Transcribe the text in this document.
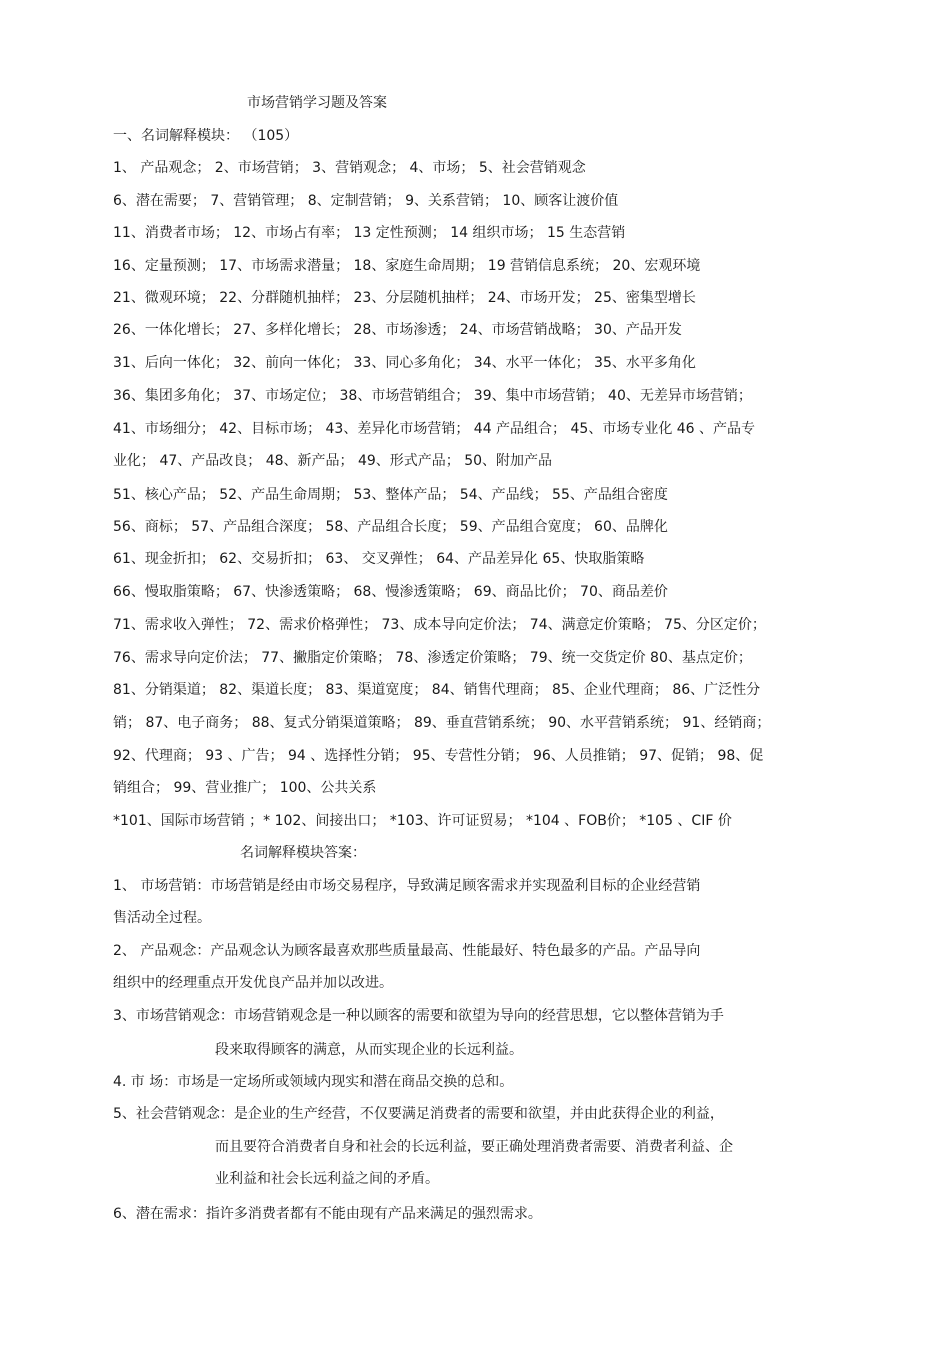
市场营销学习题及答案
一、名词解释模块： （105）
1、 产品观念； 2、市场营销； 3、营销观念； 4、市场； 5、社会营销观念
6、潜在需要； 7、营销管理； 8、定制营销； 9、关系营销； 10、顾客让渡价值
11、消费者市场； 12、市场占有率； 13 定性预测； 14 组织市场； 15 生态营销
16、定量预测； 17、市场需求潜量； 18、家庭生命周期； 19 营销信息系统； 20、宏观环境
21、微观环境； 22、分群随机抽样； 23、分层随机抽样； 24、市场开发； 25、密集型增长
26、一体化增长； 27、多样化增长； 28、市场渗透； 24、市场营销战略； 30、产品开发
31、后向一体化； 32、前向一体化； 33、同心多角化； 34、水平一体化； 35、水平多角化
36、集团多角化； 37、市场定位； 38、市场营销组合； 39、集中市场营销； 40、无差异市场营销；
41、市场细分； 42、目标市场； 43、差异化市场营销； 44 产品组合； 45、市场专业化 46 、产品专
业化； 47、产品改良； 48、新产品； 49、形式产品； 50、附加产品
51、核心产品； 52、产品生命周期； 53、整体产品； 54、产品线； 55、产品组合密度
56、商标； 57、产品组合深度； 58、产品组合长度； 59、产品组合宽度； 60、品牌化
61、现金折扣； 62、交易折扣； 63、 交叉弹性； 64、产品差异化 65、快取脂策略
66、慢取脂策略； 67、快渗透策略； 68、慢渗透策略； 69、商品比价； 70、商品差价
71、需求收入弹性； 72、需求价格弹性； 73、成本导向定价法； 74、满意定价策略； 75、分区定价；
76、需求导向定价法； 77、撇脂定价策略； 78、渗透定价策略； 79、统一交货定价 80、基点定价；
81、分销渠道； 82、渠道长度； 83、渠道宽度； 84、销售代理商； 85、企业代理商； 86、广泛性分
销； 87、电子商务； 88、复式分销渠道策略； 89、垂直营销系统； 90、水平营销系统； 91、经销商；
92、代理商； 93 、广告； 94 、选择性分销； 95、专营性分销； 96、人员推销； 97、促销； 98、促
销组合； 99、营业推广； 100、公共关系
*101、国际市场营销 ；* 102、间接出口； *103、许可证贸易； *104 、FOB价； *105 、CIF 价
名词解释模块答案：
1、 市场营销：市场营销是经由市场交易程序，导致满足顾客需求并实现盈利目标的企业经营销
售活动全过程。
2、 产品观念：产品观念认为顾客最喜欢那些质量最高、性能最好、特色最多的产品。产品导向
组织中的经理重点开发优良产品并加以改进。
3、市场营销观念：市场营销观念是一种以顾客的需要和欲望为导向的经营思想，它以整体营销为手
段来取得顾客的满意，从而实现企业的长远利益。
4. 市 场：市场是一定场所或领域内现实和潜在商品交换的总和。
5、社会营销观念：是企业的生产经营，不仅要满足消费者的需要和欲望，并由此获得企业的利益，
而且要符合消费者自身和社会的长远利益，要正确处理消费者需要、消费者利益、企
业利益和社会长远利益之间的矛盾。
6、潜在需求：指许多消费者都有不能由现有产品来满足的强烈需求。
